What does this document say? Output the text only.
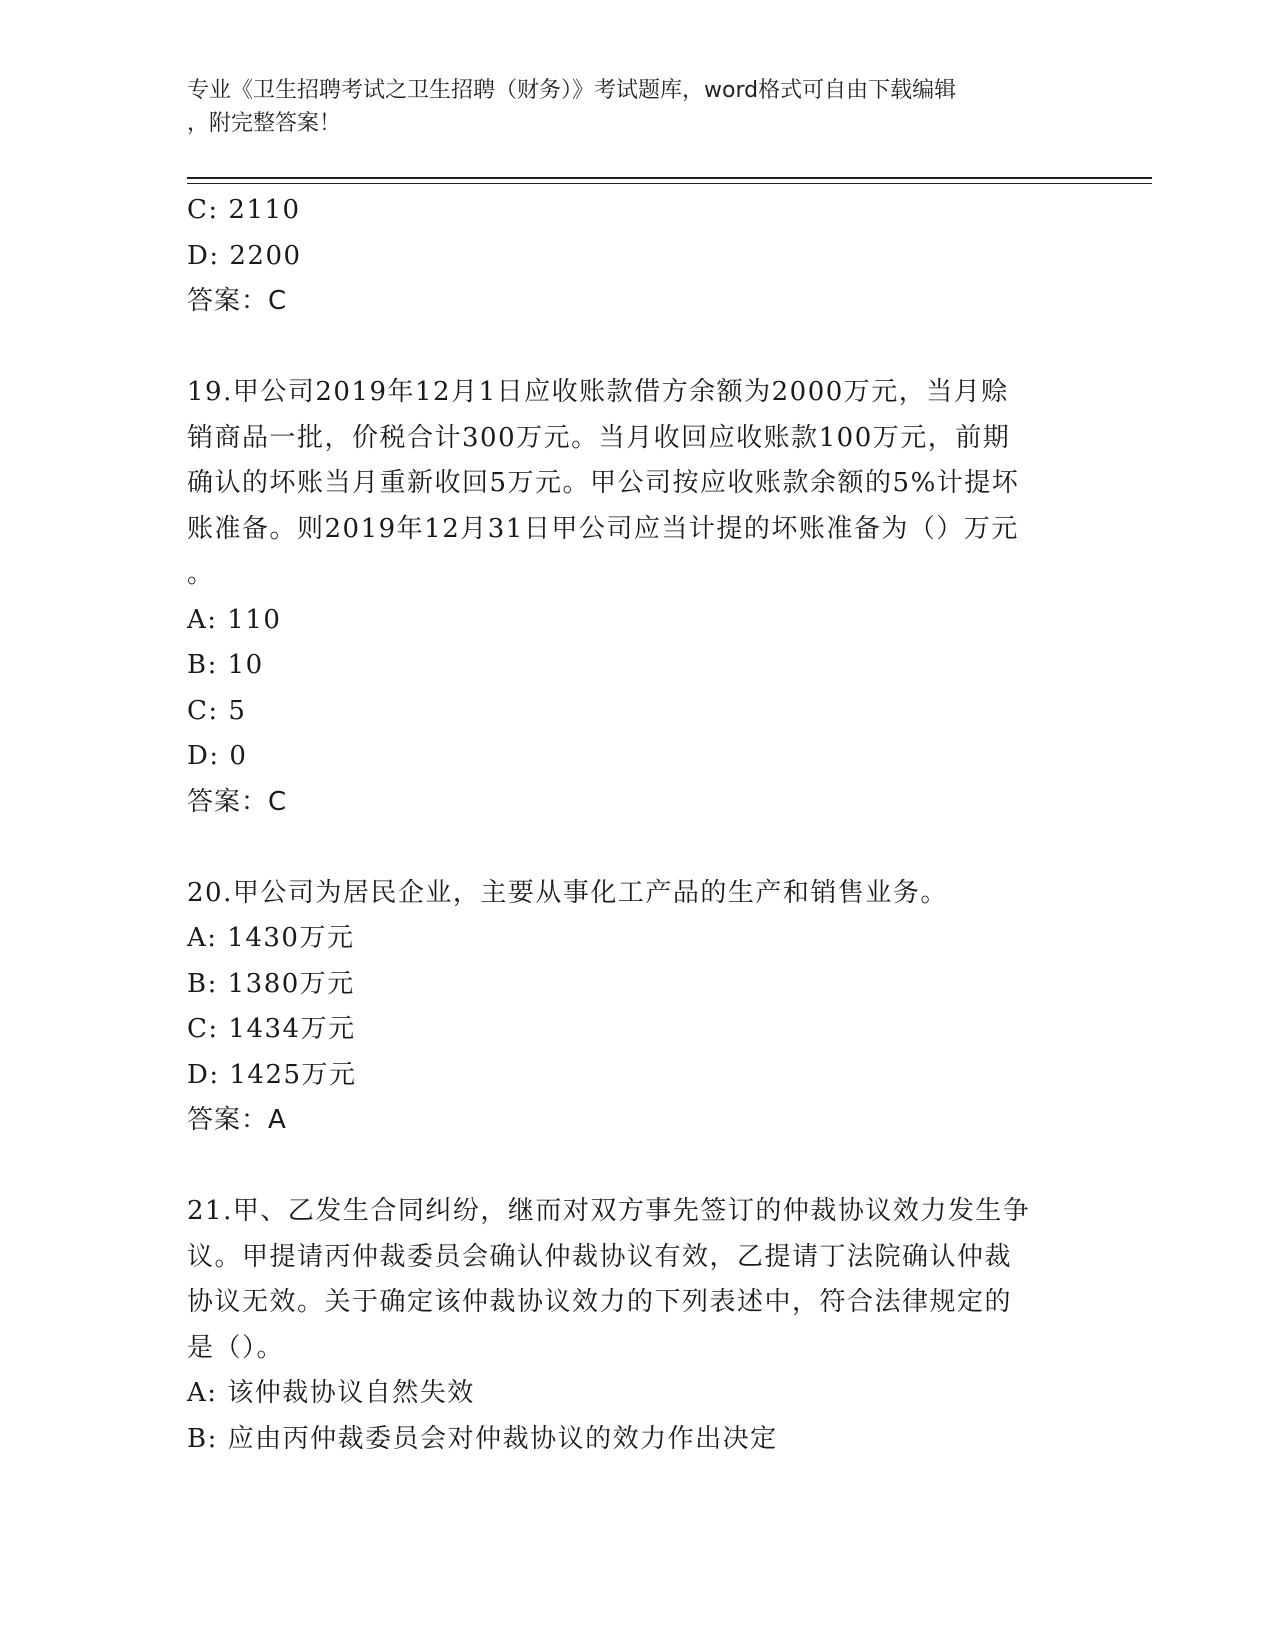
专业《卫生招聘考试之卫生招聘（财务）》考试题库，word格式可自由下载编辑
，附完整答案！
C: 2110
D: 2200
答案：C
19.甲公司2019年12月1日应收账款借方余额为2000万元，当月赊
销商品一批，价税合计300万元。当月收回应收账款100万元，前期
确认的坏账当月重新收回5万元。甲公司按应收账款余额的5%计提坏
账准备。则2019年12月31日甲公司应当计提的坏账准备为（）万元
。
A: 110
B: 10
C: 5
D: 0
答案：C
20.甲公司为居民企业，主要从事化工产品的生产和销售业务。
A: 1430万元
B: 1380万元
C: 1434万元
D: 1425万元
答案：A
21.甲、乙发生合同纠纷，继而对双方事先签订的仲裁协议效力发生争
议。甲提请丙仲裁委员会确认仲裁协议有效，乙提请丁法院确认仲裁
协议无效。关于确定该仲裁协议效力的下列表述中，符合法律规定的
是（）。
A: 该仲裁协议自然失效
B: 应由丙仲裁委员会对仲裁协议的效力作出决定
